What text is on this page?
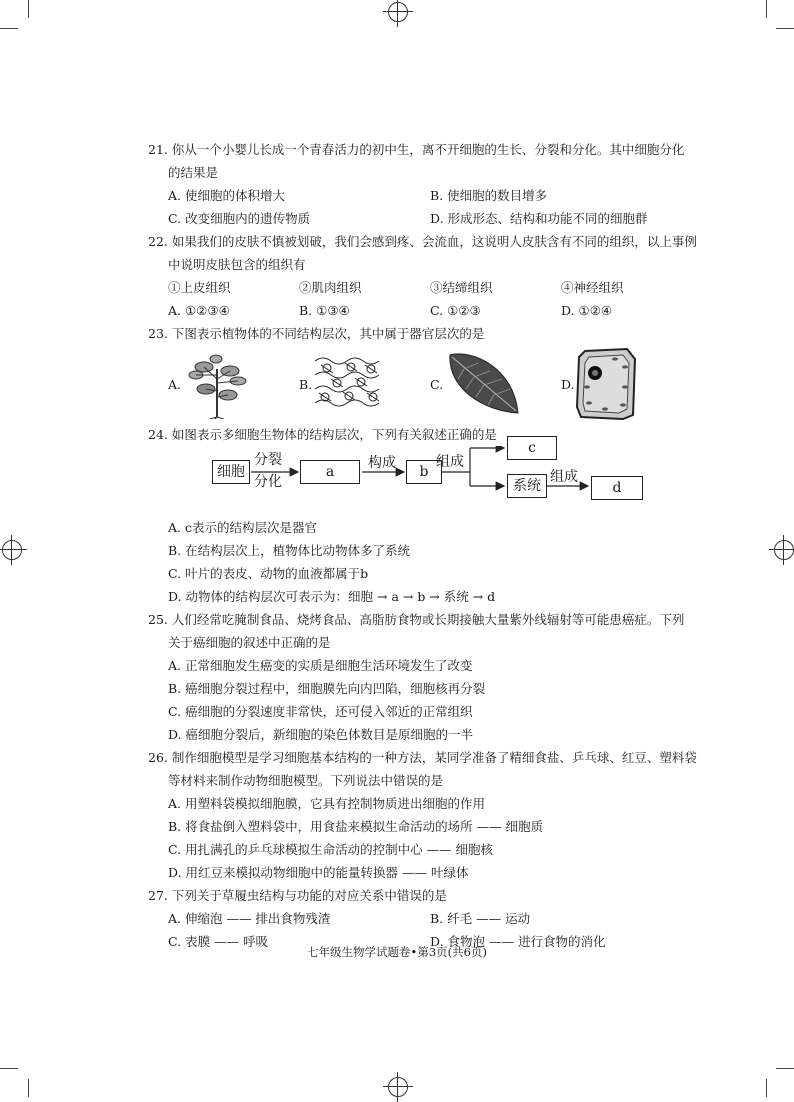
21. 你从一个小婴儿长成一个青春活力的初中生，离不开细胞的生长、分裂和分化。其中细胞分化

的结果是

A. 使细胞的体积增大	B. 使细胞的数目增多
C. 改变细胞内的遗传物质	D. 形成形态、结构和功能不同的细胞群

22. 如果我们的皮肤不慎被划破，我们会感到疼、会流血，这说明人皮肤含有不同的组织，以上事例

中说明皮肤包含的组织有

①上皮组织	②肌肉组织	③结缔组织	④神经组织
A. ①②③④	B. ①③④	C. ①②③	D. ①②④

23. 下图表示植物体的不同结构层次，其中属于器官层次的是

A.	B.	C.	D.

24. 如图表示多细胞生物体的结构层次，下列有关叙述正确的是

细胞
分裂
分化
a
构成
b
组成
c
系统
组成
d

A. c表示的结构层次是器官

B. 在结构层次上，植物体比动物体多了系统

C. 叶片的表皮、动物的血液都属于b

D. 动物体的结构层次可表示为：细胞 → a → b → 系统 → d

25. 人们经常吃腌制食品、烧烤食品、高脂肪食物或长期接触大量紫外线辐射等可能患癌症。下列

关于癌细胞的叙述中正确的是

A. 正常细胞发生癌变的实质是细胞生活环境发生了改变

B. 癌细胞分裂过程中，细胞膜先向内凹陷，细胞核再分裂

C. 癌细胞的分裂速度非常快，还可侵入邻近的正常组织

D. 癌细胞分裂后，新细胞的染色体数目是原细胞的一半

26. 制作细胞模型是学习细胞基本结构的一种方法，某同学准备了精细食盐、乒乓球、红豆、塑料袋

等材料来制作动物细胞模型。下列说法中错误的是

A. 用塑料袋模拟细胞膜，它具有控制物质进出细胞的作用

B. 将食盐倒入塑料袋中，用食盐来模拟生命活动的场所 —— 细胞质

C. 用扎满孔的乒乓球模拟生命活动的控制中心 —— 细胞核

D. 用红豆来模拟动物细胞中的能量转换器 —— 叶绿体

27. 下列关于草履虫结构与功能的对应关系中错误的是

A. 伸缩泡 —— 排出食物残渣	B. 纤毛 —— 运动
C. 表膜 —— 呼吸	D. 食物泡 —— 进行食物的消化
七年级生物学试题卷•第3页(共6页)
